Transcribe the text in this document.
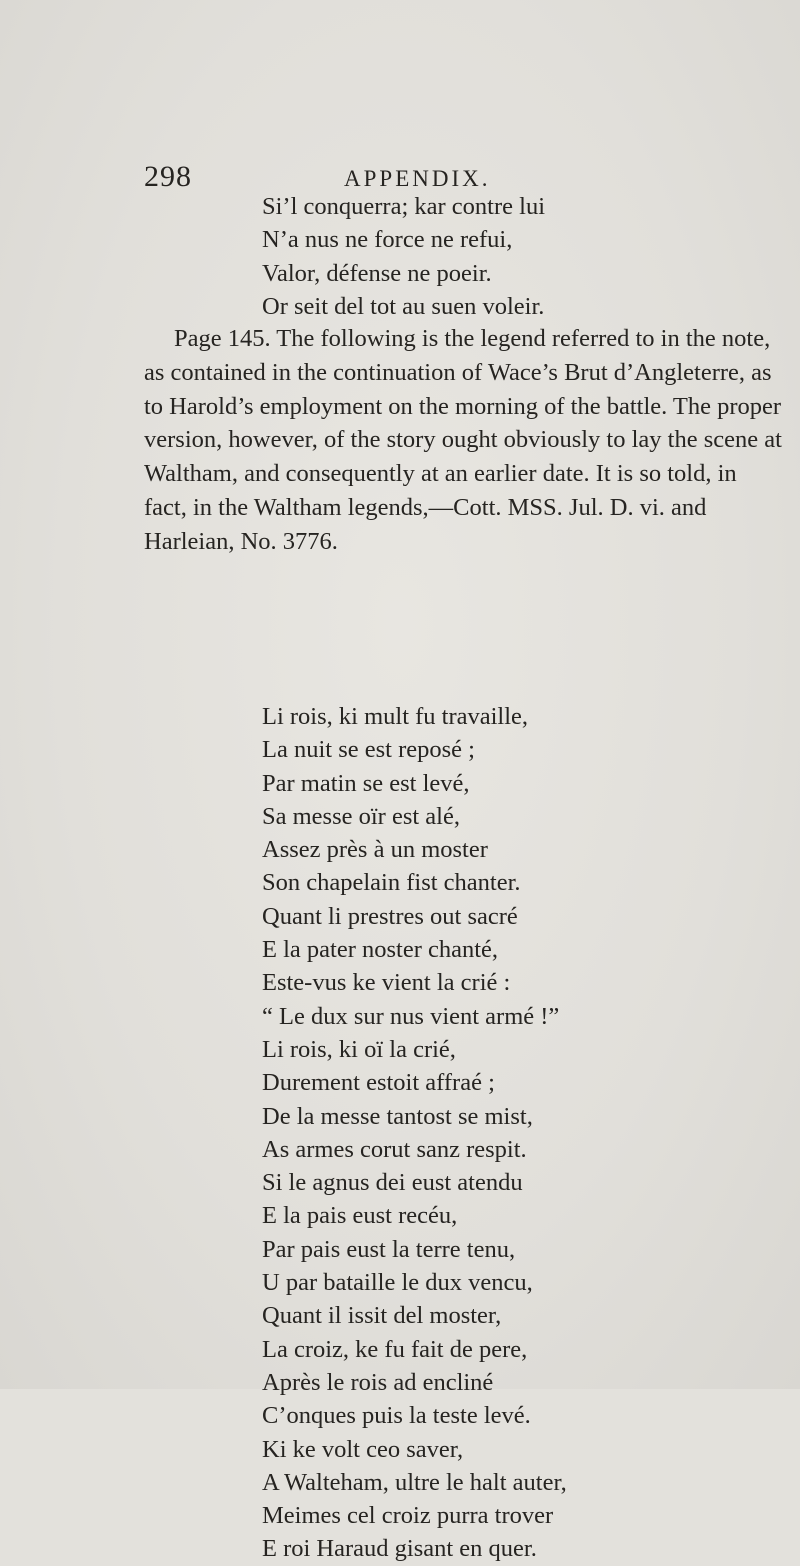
298	APPENDIX.
Si’l conquerra; kar contre lui
N’a nus ne force ne refui,
Valor, défense ne poeir.
Or seit del tot au suen voleir.
Page 145. The following is the legend referred to in the note,
as contained in the continuation of Wace’s Brut d’Angleterre, as
to Harold’s employment on the morning of the battle. The proper
version, however, of the story ought obviously to lay the scene at
Waltham, and consequently at an earlier date. It is so told, in
fact, in the Waltham legends,—Cott. MSS. Jul. D. vi. and
Harleian, No. 3776.
Li rois, ki mult fu travaille,
La nuit se est reposé ;
Par matin se est levé,
Sa messe oïr est alé,
Assez près à un moster
Son chapelain fist chanter.
Quant li prestres out sacré
E la pater noster chanté,
Este-vus ke vient la crié :
“ Le dux sur nus vient armé !”
Li rois, ki oï la crié,
Durement estoit affraé ;
De la messe tantost se mist,
As armes corut sanz respit.
Si le agnus dei eust atendu
E la pais eust recéu,
Par pais eust la terre tenu,
U par bataille le dux vencu,
Quant il issit del moster,
La croiz, ke fu fait de pere,
Après le rois ad encliné
C’onques puis la teste levé.
Ki ke volt ceo saver,
A Walteham, ultre le halt auter,
Meimes cel croiz purra trover
E roi Haraud gisant en quer.
